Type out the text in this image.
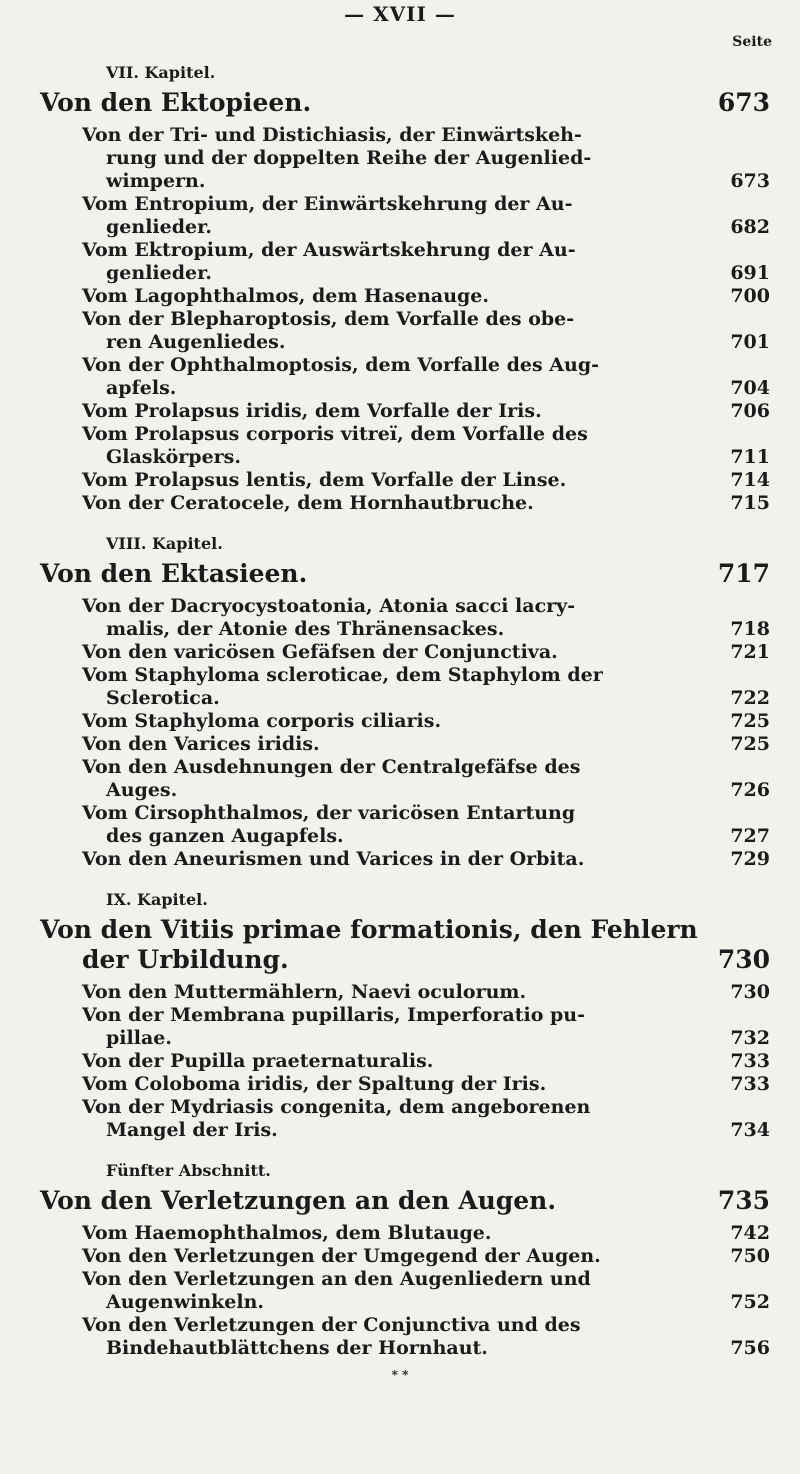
— XVII —
Seite
VII. Kapitel.
Von den Ektopieen.	673
Von der Tri- und Distichiasis, der Einwärtskeh-
rung und der doppelten Reihe der Augenlied-
wimpern.	673
Vom Entropium, der Einwärtskehrung der Au-
genlieder.	682
Vom Ektropium, der Auswärtskehrung der Au-
genlieder.	691
Vom Lagophthalmos, dem Hasenauge.	700
Von der Blepharoptosis, dem Vorfalle des obe-
ren Augenliedes.	701
Von der Ophthalmoptosis, dem Vorfalle des Aug-
apfels.	704
Vom Prolapsus iridis, dem Vorfalle der Iris.	706
Vom Prolapsus corporis vitreï, dem Vorfalle des
Glaskörpers.	711
Vom Prolapsus lentis, dem Vorfalle der Linse.	714
Von der Ceratocele, dem Hornhautbruche.	715
VIII. Kapitel.
Von den Ektasieen.	717
Von der Dacryocystoatonia, Atonia sacci lacry-
malis, der Atonie des Thränensackes.	718
Von den varicösen Gefäfsen der Conjunctiva.	721
Vom Staphyloma scleroticae, dem Staphylom der
Sclerotica.	722
Vom Staphyloma corporis ciliaris.	725
Von den Varices iridis.	725
Von den Ausdehnungen der Centralgefäfse des
Auges.	726
Vom Cirsophthalmos, der varicösen Entartung
des ganzen Augapfels.	727
Von den Aneurismen und Varices in der Orbita.	729
IX. Kapitel.
Von den Vitiis primae formationis, den Fehlern
der Urbildung.	730
Von den Muttermählern, Naevi oculorum.	730
Von der Membrana pupillaris, Imperforatio pu-
pillae.	732
Von der Pupilla praeternaturalis.	733
Vom Coloboma iridis, der Spaltung der Iris.	733
Von der Mydriasis congenita, dem angeborenen
Mangel der Iris.	734
Fünfter Abschnitt.
Von den Verletzungen an den Augen.	735
Vom Haemophthalmos, dem Blutauge.	742
Von den Verletzungen der Umgegend der Augen.	750
Von den Verletzungen an den Augenliedern und
Augenwinkeln.	752
Von den Verletzungen der Conjunctiva und des
Bindehautblättchens der Hornhaut.	756
* *
